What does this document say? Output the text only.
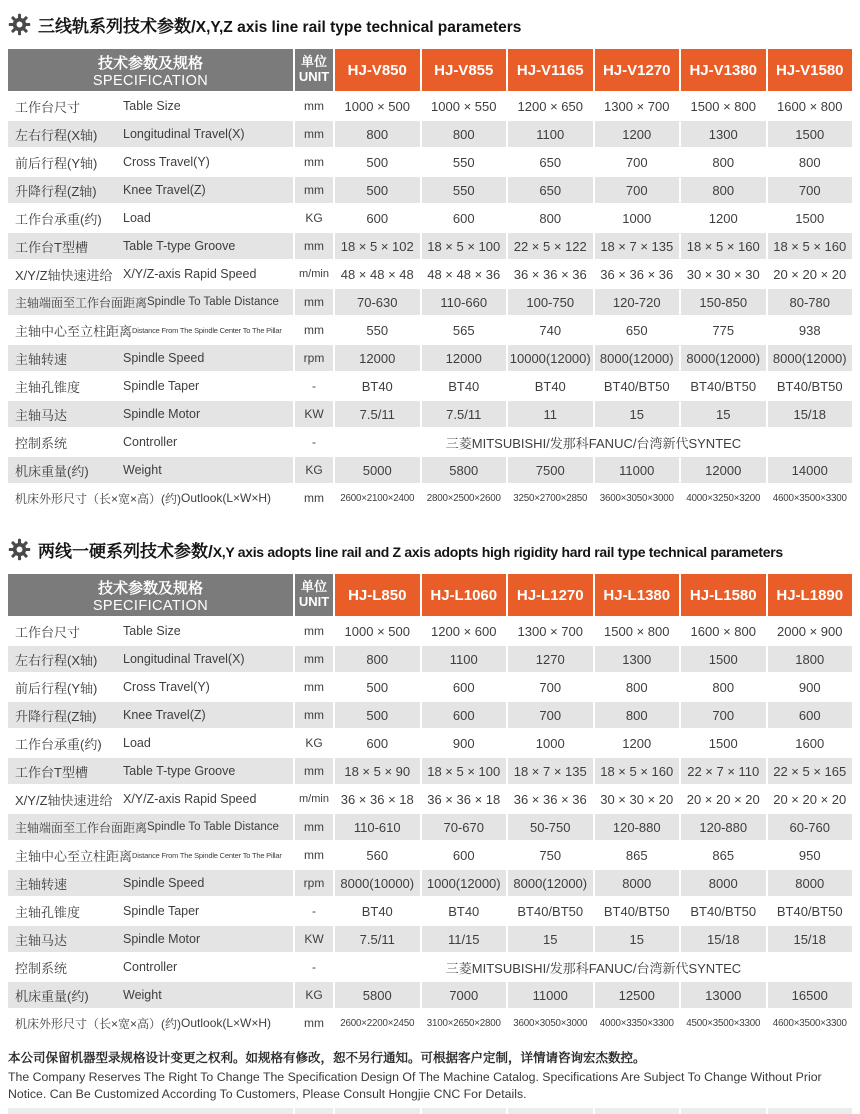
三线轨系列技术参数/X,Y,Z axis line rail type technical parameters
技术参数及规格
SPECIFICATION
单位
UNIT	HJ-V850	HJ-V855	HJ-V1165	HJ-V1270	HJ-V1380	HJ-V1580
工作台尺寸	Table Size	mm	1000 × 500	1000 × 550	1200 × 650	1300 × 700	1500 × 800	1600 × 800
左右行程(X轴)	Longitudinal Travel(X)	mm	800	800	1100	1200	1300	1500
前后行程(Y轴)	Cross Travel(Y)	mm	500	550	650	700	800	800
升降行程(Z轴)	Knee Travel(Z)	mm	500	550	650	700	800	700
工作台承重(约)	Load	KG	600	600	800	1000	1200	1500
工作台T型槽	Table T-type Groove	mm	18 × 5 × 102	18 × 5 × 100	22 × 5 × 122	18 × 7 × 135	18 × 5 × 160	18 × 5 × 160
X/Y/Z轴快速进给 X/Y/Z-axis Rapid Speed	m/min 48 × 48 × 48	48 × 48 × 36	36 × 36 × 36	36 × 36 × 36	30 × 30 × 30	20 × 20 × 20
主轴端面至工作台面距离 Spindle To Table Distance	mm	70-630	110-660	100-750	120-720	150-850	80-780
主轴中心至立柱距离 Distance From The Spindle Center To The Pillar	mm	550	565	740	650	775	938
主轴转速	Spindle Speed	rpm	12000	12000	10000(12000) 8000(12000) 8000(12000) 8000(12000)
主轴孔锥度	Spindle Taper	-	BT40	BT40	BT40	BT40/BT50	BT40/BT50	BT40/BT50
主轴马达	Spindle Motor	KW	7.5/11	7.5/11	11	15	15	15/18
控制系统	Controller	-	三菱MITSUBISHI/发那科FANUC/台湾新代SYNTEC
机床重量(约)	Weight	KG	5000	5800	7500	11000	12000	14000
机床外形尺寸（长×宽×高）(约) Outlook(L×W×H)	mm	2600×2100×2400	2800×2500×2600	3250×2700×2850	3600×3050×3000	4000×3250×3200	4600×3500×3300
两线一硬系列技术参数/X,Y axis adopts line rail and Z axis adopts high rigidity hard rail type technical parameters
技术参数及规格
SPECIFICATION
单位
UNIT	HJ-L850	HJ-L1060	HJ-L1270	HJ-L1380	HJ-L1580	HJ-L1890
工作台尺寸	Table Size	mm	1000 × 500	1200 × 600	1300 × 700	1500 × 800	1600 × 800	2000 × 900
左右行程(X轴)	Longitudinal Travel(X)	mm	800	1100	1270	1300	1500	1800
前后行程(Y轴)	Cross Travel(Y)	mm	500	600	700	800	800	900
升降行程(Z轴)	Knee Travel(Z)	mm	500	600	700	800	700	600
工作台承重(约)	Load	KG	600	900	1000	1200	1500	1600
工作台T型槽	Table T-type Groove	mm	18 × 5 × 90	18 × 5 × 100	18 × 7 × 135	18 × 5 × 160	22 × 7 × 110	22 × 5 × 165
X/Y/Z轴快速进给 X/Y/Z-axis Rapid Speed	m/min 36 × 36 × 18	36 × 36 × 18	36 × 36 × 36	30 × 30 × 20	20 × 20 × 20	20 × 20 × 20
主轴端面至工作台面距离 Spindle To Table Distance	mm	110-610	70-670	50-750	120-880	120-880	60-760
主轴中心至立柱距离 Distance From The Spindle Center To The Pillar	mm	560	600	750	865	865	950
主轴转速	Spindle Speed	rpm	8000(10000) 1000(12000) 8000(12000)	8000	8000	8000
主轴孔锥度	Spindle Taper	-	BT40	BT40	BT40/BT50	BT40/BT50	BT40/BT50	BT40/BT50
主轴马达	Spindle Motor	KW	7.5/11	11/15	15	15	15/18	15/18
控制系统	Controller	-	三菱MITSUBISHI/发那科FANUC/台湾新代SYNTEC
机床重量(约)	Weight	KG	5800	7000	11000	12500	13000	16500
机床外形尺寸（长×宽×高）(约) Outlook(L×W×H)	mm	2600×2200×2450	3100×2650×2800	3600×3050×3000	4000×3350×3300	4500×3500×3300	4600×3500×3300
本公司保留机器型录规格设计变更之权利。如规格有修改，恕不另行通知。可根据客户定制，详情请咨询宏杰数控。
The Company Reserves The Right To Change The Specification Design Of The Machine Catalog. Specifications Are Subject To Change Without Prior Notice. Can Be Customized According To Customers, Please Consult Hongjie CNC For Details.
